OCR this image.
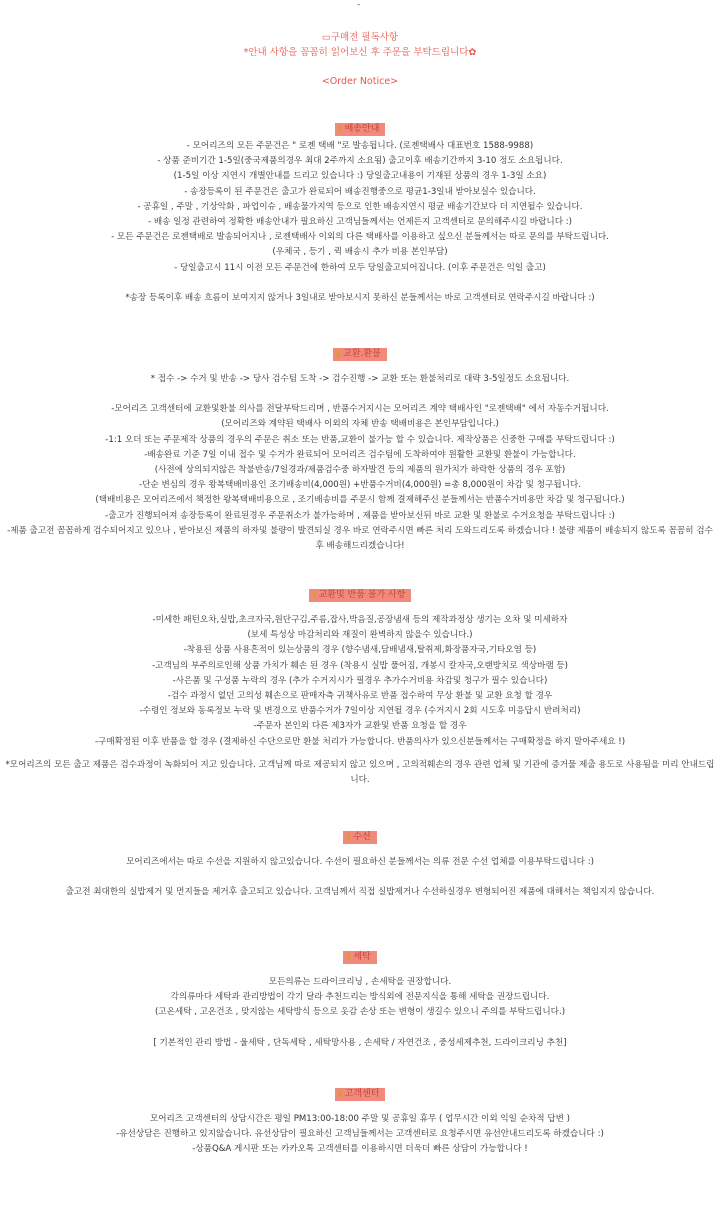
-
▭구매전 필독사항
*안내 사항을 꼼꼼히 읽어보신 후 주문을 부탁드립니다✿
<Order Notice>
배송안내
- 모어리즈의 모든 주문건은 " 로젠 택배 "로 발송됩니다. (로젠택배사 대표번호 1588-9988)
- 상품 준비기간 1-5일(중국제품의경우 최대 2주까지 소요됨) 출고이후 배송기간까지 3-10 정도 소요됩니다.
(1-5일 이상 지연시 개별안내를 드리고 있습니다 :) 당일출고내용이 기재된 상품의 경우 1-3일 소요)
- 송장등록이 된 주문건은 출고가 완료되어 배송진행중으로 평균1-3일내 받아보실수 있습니다.
- 공휴일 , 주말 , 기상악화 , 파업이슈 , 배송물가지역 등으로 인한 배송지연시 평균 배송기간보다 더 지연될수 있습니다.
- 배송 일정 관련하여 정확한 배송안내가 필요하신 고객님들께서는 언제든지 고객센터로 문의해주시길 바랍니다 :)
- 모든 주문건은 로젠택배로 발송되어지나 , 로젠택배사 이외의 다른 택배사를 이용하고 싶으신 분들께서는 따로 문의를 부탁드립니다.
(우체국 , 등기 , 퀵 배송시 추가 비용 본인부담)
- 당일출고시 11시 이전 모든 주문건에 한하여 모두 당일출고되어집니다. (이후 주문건은 익일 출고)
*송장 등록이후 배송 흐름이 보여지지 않거나 3일내로 받아보시지 못하신 분들께서는 바로 고객센터로 연락주시길 바랍니다 :)
교환.환불
* 접수 -> 수거 및 반송 -> 당사 검수팀 도착 -> 검수진행 -> 교환 또는 환불처리로 대략 3-5일정도 소요됩니다.
-모어리즈 고객센터에 교환및환불 의사를 전달부탁드리며 , 반품수거지시는 모어리즈 계약 택배사인 "로젠택배" 에서 자동수거됩니다.
(모어리즈와 계약된 택배사 이외의 자체 반송 택배비용은 본인부담입니다.)
-1:1 오더 또는 주문제작 상품의 경우의 주문은 취소 또는 반품,교환이 불가능 할 수 있습니다. 제작상품은 신중한 구매를 부탁드립니다 :)
-배송완료 기준 7일 이내 접수 및 수거가 완료되어 모어리즈 검수팀에 도착하여야 원활한 교환및 환불이 가능합니다.
(사전에 상의되지않은 착불반송/7일경과/제품검수중 하자발견 등의 제품의 원가치가 하락한 상품의 경우 포함)
-단순 변심의 경우 왕복택배비용인 조기배송비(4,000원) +반품수거비(4,000원) =총 8,000원이 차감 및 청구됩니다.
(택배비용은 모어리즈에서 책정한 왕복택배비용으로 , 조기배송비를 주문시 함께 결제해주신 분들께서는 반품수거비용만 차감 및 청구됩니다.)
-출고가 진행되어져 송장등록이 완료된경우 주문취소가 불가능하며 , 제품을 받아보신뒤 바로 교환 및 환불로 수거요청을 부탁드립니다 :)
-제품 출고전 꼼꼼하게 검수되어지고 있으나 , 받아보신 제품의 하자및 불량이 발견되실 경우 바로 연락주시면 빠른 처리 도와드리도록 하겠습니다 ! 불량 제품이 배송되지 않도록 꼼꼼히 검수 후 배송해드리겠습니다!
교환및 반품 불가 사항
-미세한 패턴오차,실밥,초크자국,원단구김,주름,잡사,박음질,공장냄새 등의 제작과정상 생기는 오차 및 미세하자
(보세 특성상 마감처리와 재질이 완벽하지 않을수 있습니다.)
-착용된 상품 사용흔적이 있는상품의 경우 (향수냄새,담배냄새,탈취제,화장품자국,기타오염 등)
-고객님의 부주의로인해 상품 가치가 훼손 된 경우 (착용시 실밥 풀어짐, 개봉시 칼자국,오랜방치로 색상바램 등)
-사은품 및 구성품 누락의 경우 (추가 수거지시가 필경우 추가수거비용 차감및 청구가 필수 있습니다)
-검수 과정시 없던 고의성 훼손으로 판매자측 귀책사유로 반품 접수하여 무상 환불 및 교환 요청 할 경우
-수령인 정보와 동록정보 누락 및 변경으로 반품수거가 7일이상 지연될 경우 (수거지시 2회 시도후 미응답시 반려처리)
-주문자 본인외 다른 제3자가 교환및 반품 요청을 할 경우
-구매확정된 이후 반품을 할 경우 (결제하신 수단으로만 환불 처리가 가능합니다. 반품의사가 있으신분들께서는 구매확정을 하지 말아주세요 !)
*모어리즈의 모든 출고 제품은 검수과정이 녹화되어 지고 있습니다. 고객님께 따로 제공되지 않고 있으며 , 고의적훼손의 경우 관련 업체 및 기관에 증거물 제출 용도로 사용됨을 미리 안내드립니다.
수선
모어리즈에서는 따로 수선을 지원하지 않고있습니다. 수선이 필요하신 분들께서는 의류 전문 수선 업체를 이용부탁드립니다 :)
출고전 최대한의 실밥제거 및 먼지들을 제거후 출고되고 있습니다. 고객님께서 직접 실밥제거나 수선하실경우 변형되어진 제품에 대해서는 책임지지 않습니다.
세탁
모든의류는 드라이크리닝 , 손세탁을 권장합니다.
각의류마다 세탁과 관리방법이 각기 달라 추천드리는 방식외에 전문지식을 통해 세탁을 권장드립니다.
(고온세탁 , 고온건조 , 맞지않는 세탁방식 등으로 옷감 손상 또는 변형이 생길수 있으니 주의를 부탁드립니다.)
[ 기본적인 관리 방법 - 울세탁 , 단독세탁 , 세탁망사용 , 손세탁 / 자연건조 , 중성세제추천, 드라이크리닝 추천]
고객센터
모어리즈 고객센터의 상담시간은 평일 PM13:00-18:00 주말 및 공휴일 휴무 ( 업무시간 이외 익일 순차적 답변 )
-유선상담은 진행하고 있지않습니다. 유선상담이 필요하신 고객님들께서는 고객센터로 요청주시면 유선안내드리도록 하겠습니다 :)
-상품Q&A 게시판 또는 카카오톡 고객센터를 이용하시면 더욱더 빠른 상담이 가능합니다 !
